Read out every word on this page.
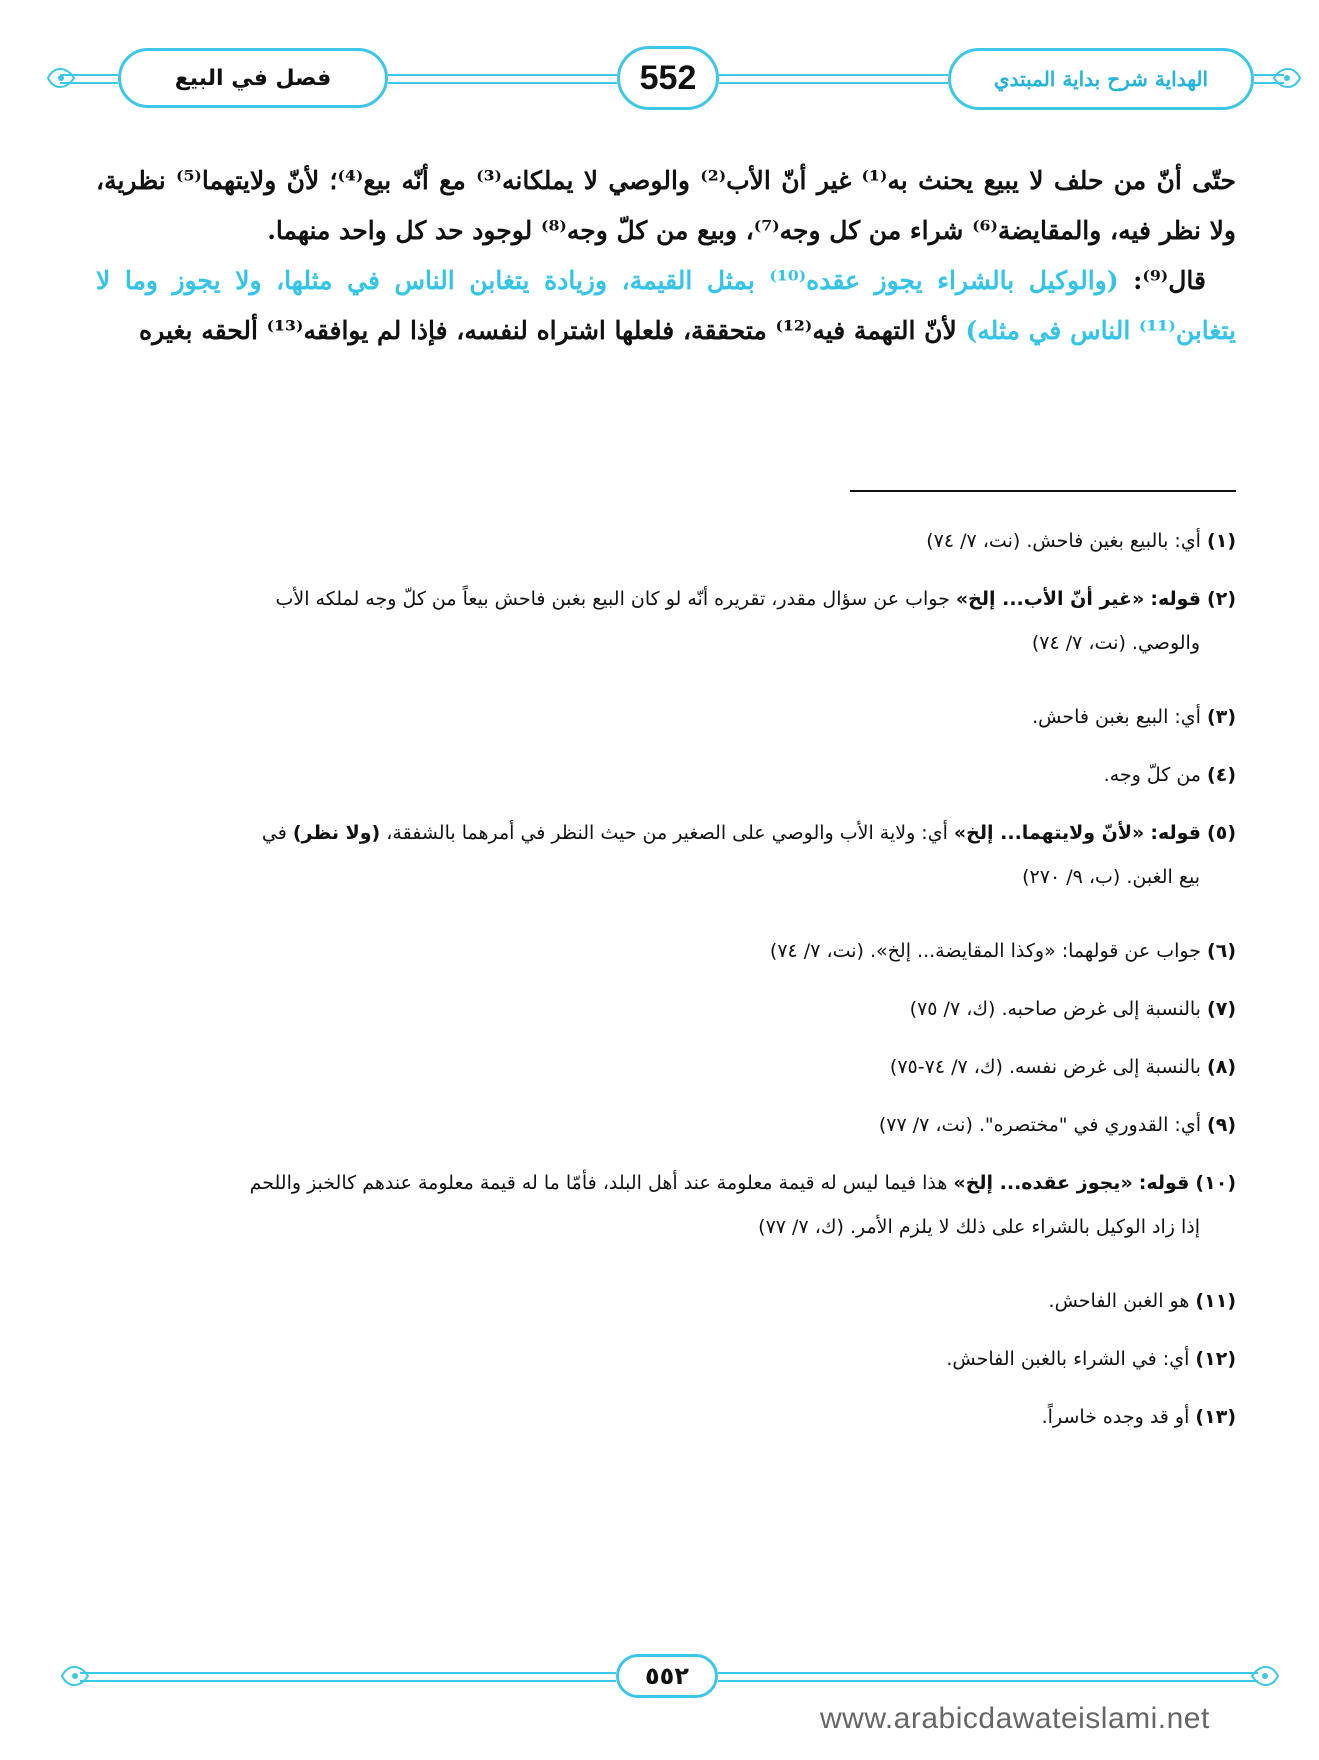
فصل في البيع	552	الهداية شرح بداية المبتدي

حتّى أنّ من حلف لا يبيع يحنث به⁽¹⁾ غير أنّ الأب⁽²⁾ والوصي لا يملكانه⁽³⁾ مع أنّه بيع⁽⁴⁾؛ لأنّ ولايتهما⁽⁵⁾ نظرية، ولا نظر فيه، والمقايضة⁽⁶⁾ شراء من كل وجه⁽⁷⁾، وبيع من كلّ وجه⁽⁸⁾ لوجود حد كل واحد منهما.

قال⁽⁹⁾: (والوكيل بالشراء يجوز عقده⁽¹⁰⁾ بمثل القيمة، وزيادة يتغابن الناس في مثلها، ولا يجوز وما لا يتغابن⁽¹¹⁾ الناس في مثله) لأنّ التهمة فيه⁽¹²⁾ متحققة، فلعلها اشتراه لنفسه، فإذا لم يوافقه⁽¹³⁾ ألحقه بغيره

(١) أي: بالبيع بغين فاحش. (نت، ٧/ ٧٤)

(٢) قوله: «غير أنّ الأب... إلخ» جواب عن سؤال مقدر، تقريره أنّه لو كان البيع بغبن فاحش بيعاً من كلّ وجه لملكه الأب
والوصي. (نت، ٧/ ٧٤)

(٣) أي: البيع بغبن فاحش.

(٤) من كلّ وجه.

(٥) قوله: «لأنّ ولايتهما... إلخ» أي: ولاية الأب والوصي على الصغير من حيث النظر في أمرهما بالشفقة، (ولا نظر) في
بيع الغبن. (ب، ٩/ ٢٧٠)

(٦) جواب عن قولهما: «وكذا المقايضة... إلخ». (نت، ٧/ ٧٤)

(٧) بالنسبة إلى غرض صاحبه. (ك، ٧/ ٧٥)

(٨) بالنسبة إلى غرض نفسه. (ك، ٧/ ٧٤-٧٥)

(٩) أي: القدوري في "مختصره". (نت، ٧/ ٧٧)

(١٠) قوله: «يجوز عقده... إلخ» هذا فيما ليس له قيمة معلومة عند أهل البلد، فأمّا ما له قيمة معلومة عندهم كالخبز واللحم
إذا زاد الوكيل بالشراء على ذلك لا يلزم الأمر. (ك، ٧/ ٧٧)

(١١) هو الغبن الفاحش.

(١٢) أي: في الشراء بالغبن الفاحش.

(١٣) أو قد وجده خاسراً.

٥٥٢
www.arabicdawateislami.net
